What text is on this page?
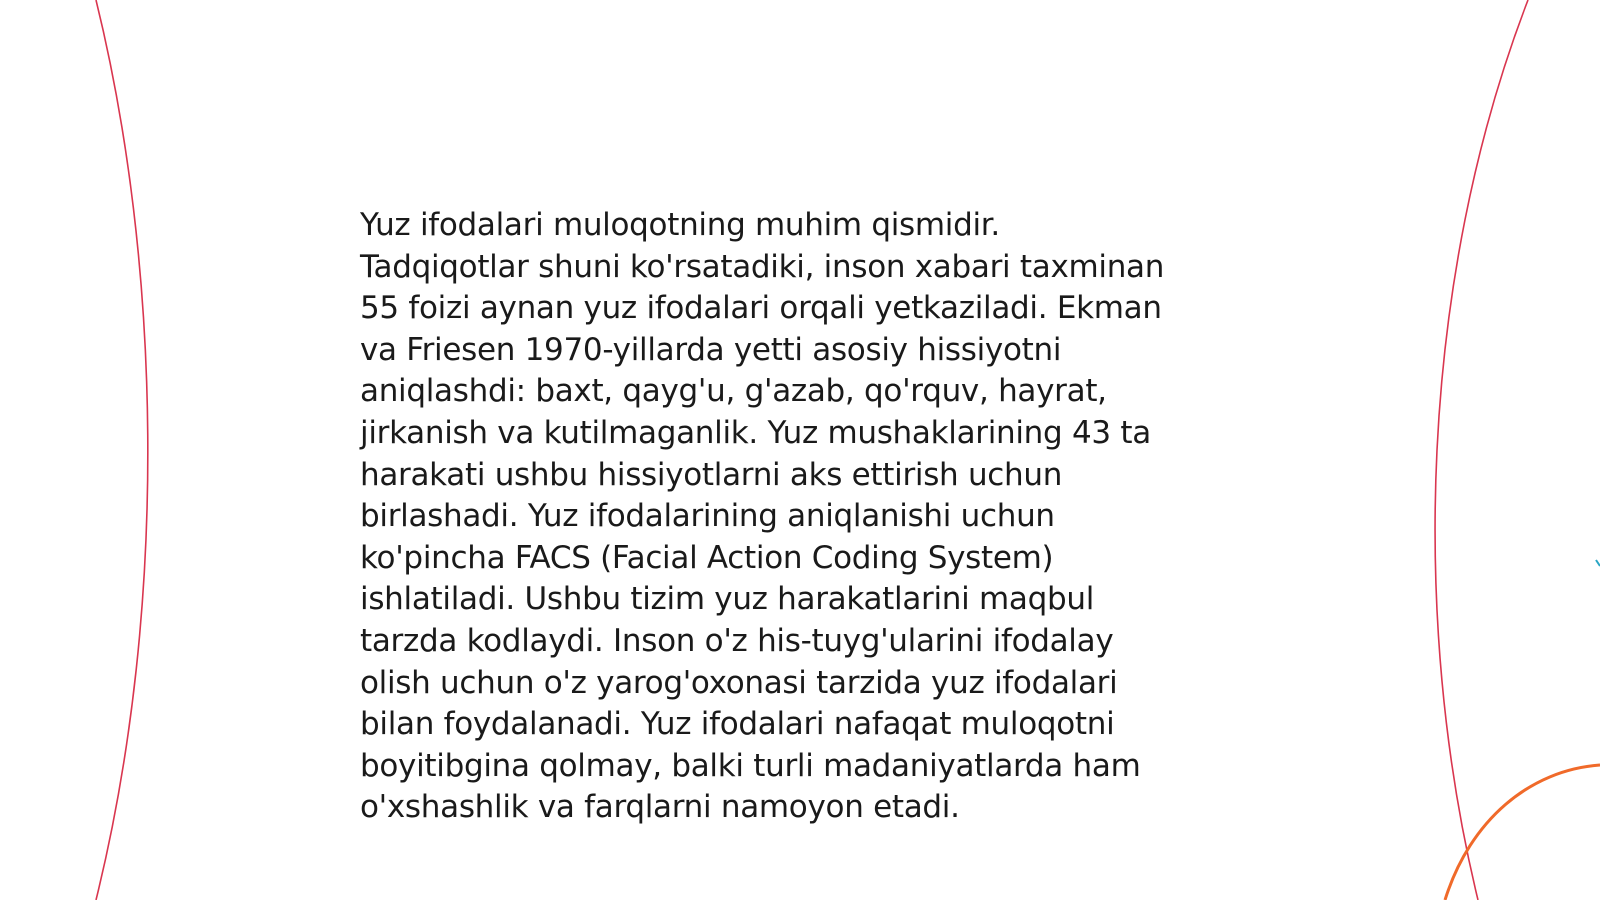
Yuz ifodalari muloqotning muhim qismidir.
Tadqiqotlar shuni ko'rsatadiki, inson xabari taxminan
55 foizi aynan yuz ifodalari orqali yetkaziladi. Ekman
va Friesen 1970-yillarda yetti asosiy hissiyotni
aniqlashdi: baxt, qayg'u, g'azab, qo'rquv, hayrat,
jirkanish va kutilmaganlik. Yuz mushaklarining 43 ta
harakati ushbu hissiyotlarni aks ettirish uchun
birlashadi. Yuz ifodalarining aniqlanishi uchun
ko'pincha FACS (Facial Action Coding System)
ishlatiladi. Ushbu tizim yuz harakatlarini maqbul
tarzda kodlaydi. Inson o'z his-tuyg'ularini ifodalay
olish uchun o'z yarog'oxonasi tarzida yuz ifodalari
bilan foydalanadi. Yuz ifodalari nafaqat muloqotni
boyitibgina qolmay, balki turli madaniyatlarda ham
o'xshashlik va farqlarni namoyon etadi.
